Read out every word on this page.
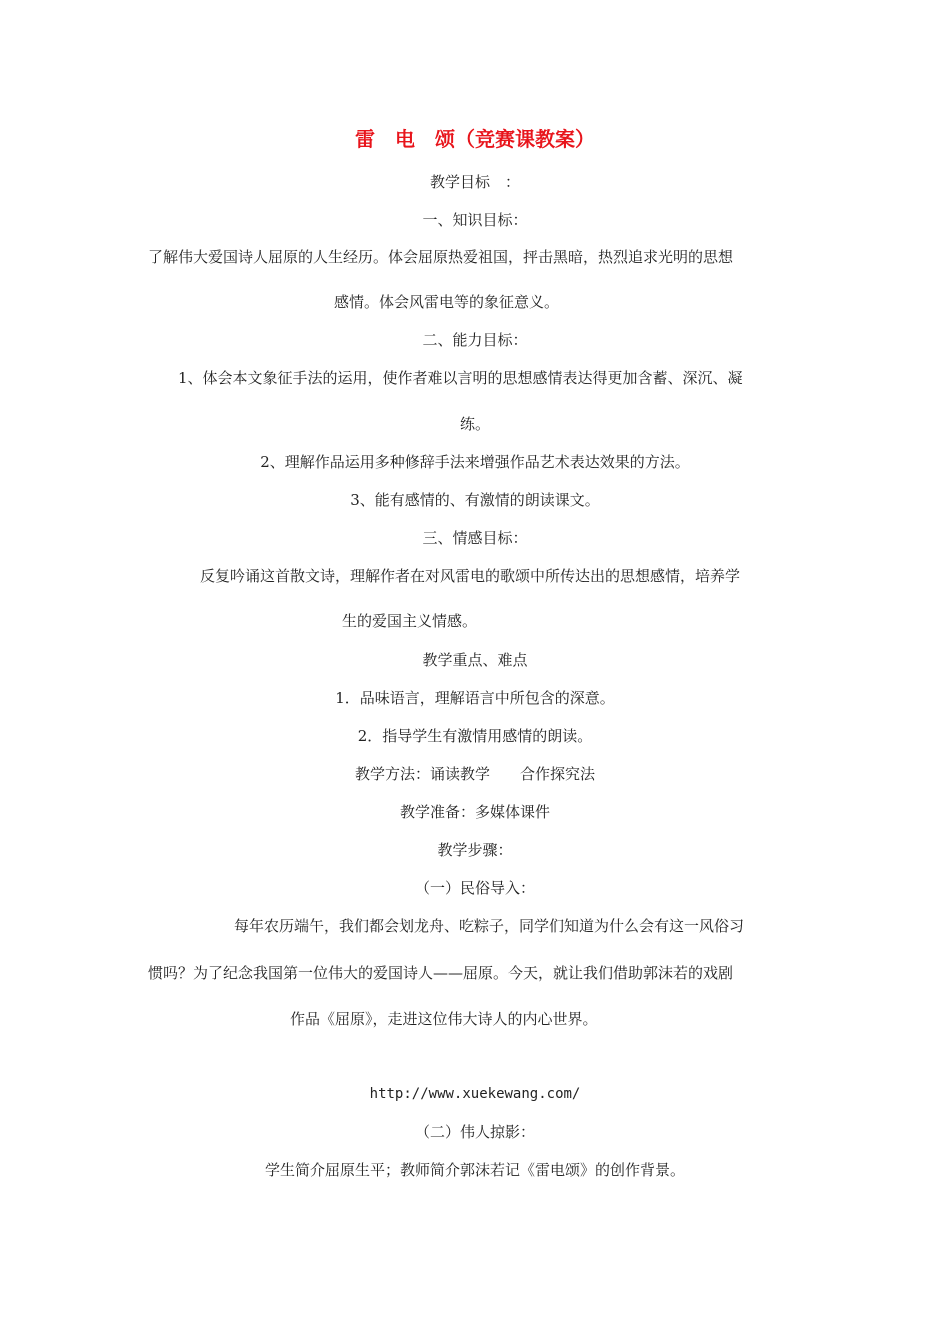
雷　电　颂（竞赛课教案）
教学目标　：
一、知识目标：
了解伟大爱国诗人屈原的人生经历。体会屈原热爱祖国，抨击黑暗，热烈追求光明的思想
感情。体会风雷电等的象征意义。
二、能力目标：
1、体会本文象征手法的运用，使作者难以言明的思想感情表达得更加含蓄、深沉、凝
练。
2、理解作品运用多种修辞手法来增强作品艺术表达效果的方法。
3、能有感情的、有激情的朗读课文。
三、情感目标：
反复吟诵这首散文诗，理解作者在对风雷电的歌颂中所传达出的思想感情，培养学
生的爱国主义情感。
教学重点、难点
1．品味语言，理解语言中所包含的深意。
2．指导学生有激情用感情的朗读。
教学方法：诵读教学　　合作探究法
教学准备：多媒体课件
教学步骤：
（一）民俗导入：
每年农历端午，我们都会划龙舟、吃粽子，同学们知道为什么会有这一风俗习
惯吗？为了纪念我国第一位伟大的爱国诗人——屈原。今天，就让我们借助郭沫若的戏剧
作品《屈原》，走进这位伟大诗人的内心世界。
http://www.xuekewang.com/
（二）伟人掠影：
学生简介屈原生平；教师简介郭沫若记《雷电颂》的创作背景。
